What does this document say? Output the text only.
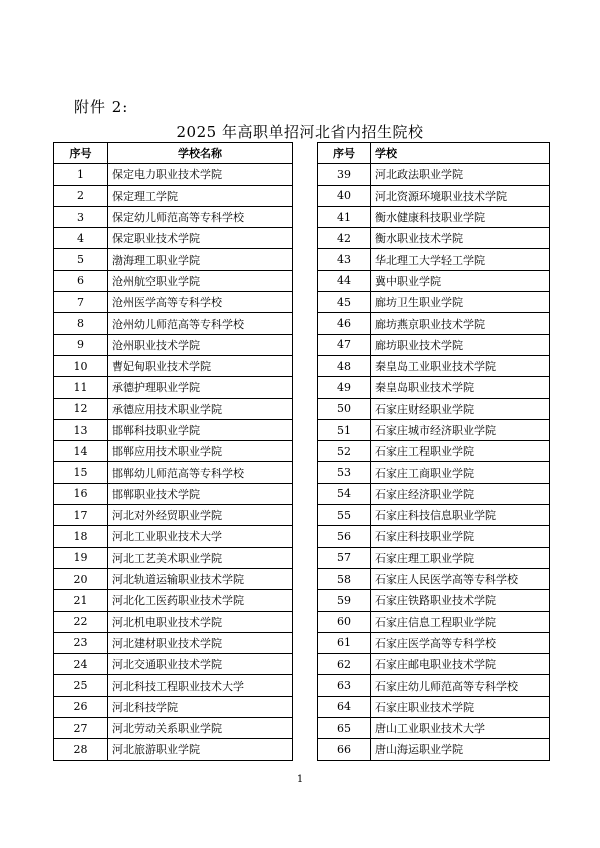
附件 2:
2025 年高职单招河北省内招生院校
序号	学校名称
1	保定电力职业技术学院
2	保定理工学院
3	保定幼儿师范高等专科学校
4	保定职业技术学院
5	渤海理工职业学院
6	沧州航空职业学院
7	沧州医学高等专科学校
8	沧州幼儿师范高等专科学校
9	沧州职业技术学院
10	曹妃甸职业技术学院
11	承德护理职业学院
12	承德应用技术职业学院
13	邯郸科技职业学院
14	邯郸应用技术职业学院
15	邯郸幼儿师范高等专科学校
16	邯郸职业技术学院
17	河北对外经贸职业学院
18	河北工业职业技术大学
19	河北工艺美术职业学院
20	河北轨道运输职业技术学院
21	河北化工医药职业技术学院
22	河北机电职业技术学院
23	河北建材职业技术学院
24	河北交通职业技术学院
25	河北科技工程职业技术大学
26	河北科技学院
27	河北劳动关系职业学院
28	河北旅游职业学院
序号	学校
39	河北政法职业学院
40	河北资源环境职业技术学院
41	衡水健康科技职业学院
42	衡水职业技术学院
43	华北理工大学轻工学院
44	冀中职业学院
45	廊坊卫生职业学院
46	廊坊燕京职业技术学院
47	廊坊职业技术学院
48	秦皇岛工业职业技术学院
49	秦皇岛职业技术学院
50	石家庄财经职业学院
51	石家庄城市经济职业学院
52	石家庄工程职业学院
53	石家庄工商职业学院
54	石家庄经济职业学院
55	石家庄科技信息职业学院
56	石家庄科技职业学院
57	石家庄理工职业学院
58	石家庄人民医学高等专科学校
59	石家庄铁路职业技术学院
60	石家庄信息工程职业学院
61	石家庄医学高等专科学校
62	石家庄邮电职业技术学院
63	石家庄幼儿师范高等专科学校
64	石家庄职业技术学院
65	唐山工业职业技术大学
66	唐山海运职业学院
1
